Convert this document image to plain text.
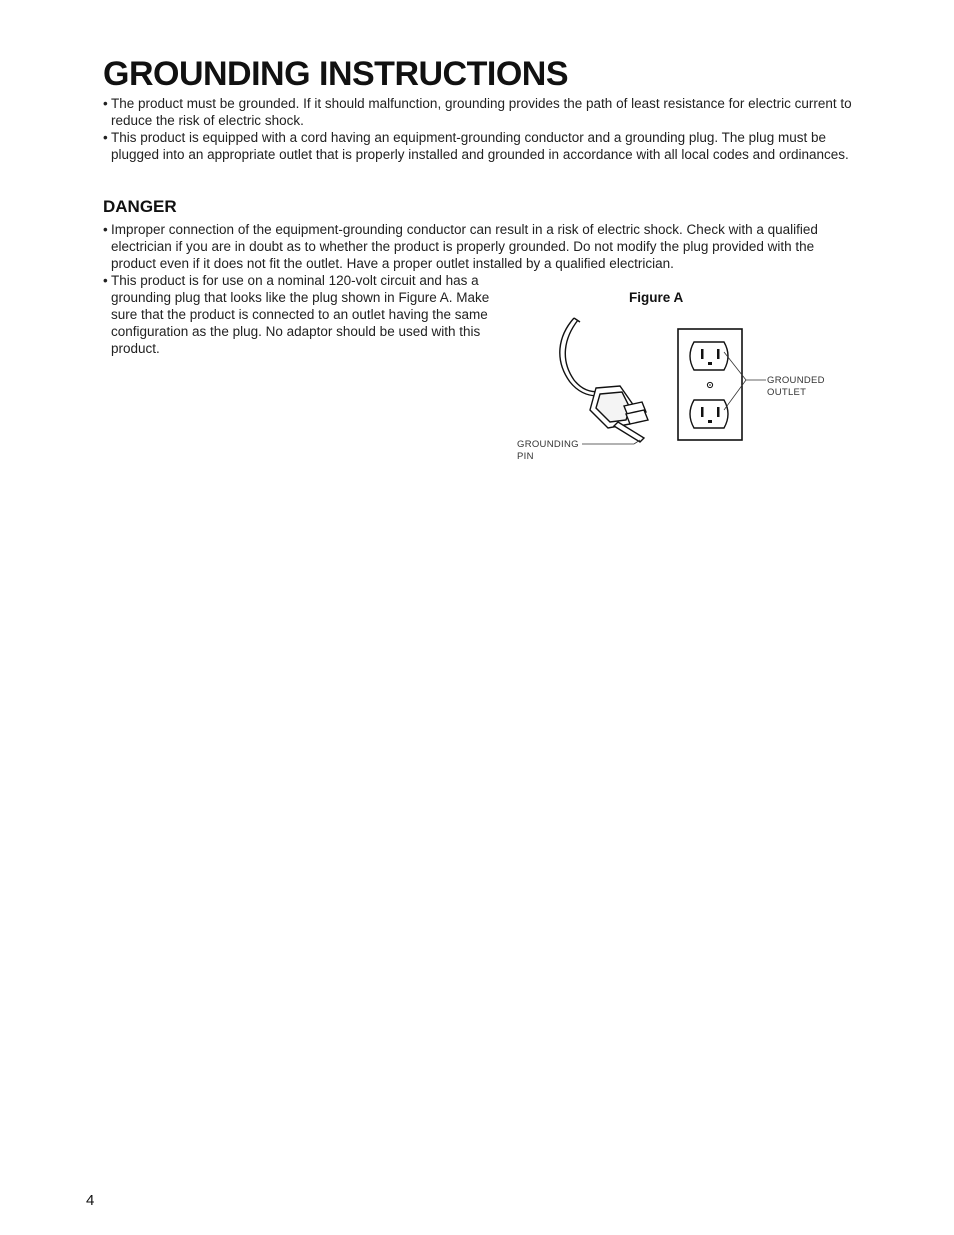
GROUNDING INSTRUCTIONS
• The product must be grounded. If it should malfunction, grounding provides the path of least resistance for electric current to reduce the risk of electric shock.
• This product is equipped with a cord having an equipment-grounding conductor and a grounding plug. The plug must be plugged into an appropriate outlet that is properly installed and grounded in accordance with all local codes and ordinances.
DANGER
• Improper connection of the equipment-grounding conductor can result in a risk of electric shock. Check with a qualified electrician if you are in doubt as to whether the product is properly grounded. Do not modify the plug provided with the product even if it does not fit the outlet. Have a proper outlet installed by a qualified electrician.

• This product is for use on a nominal 120-volt circuit and has a grounding plug that looks like the plug shown in Figure A. Make sure that the product is connected to an outlet having the same configuration as the plug. No adaptor should be used with this product.

Figure A
GROUNDED
OUTLET
GROUNDING
PIN
4
